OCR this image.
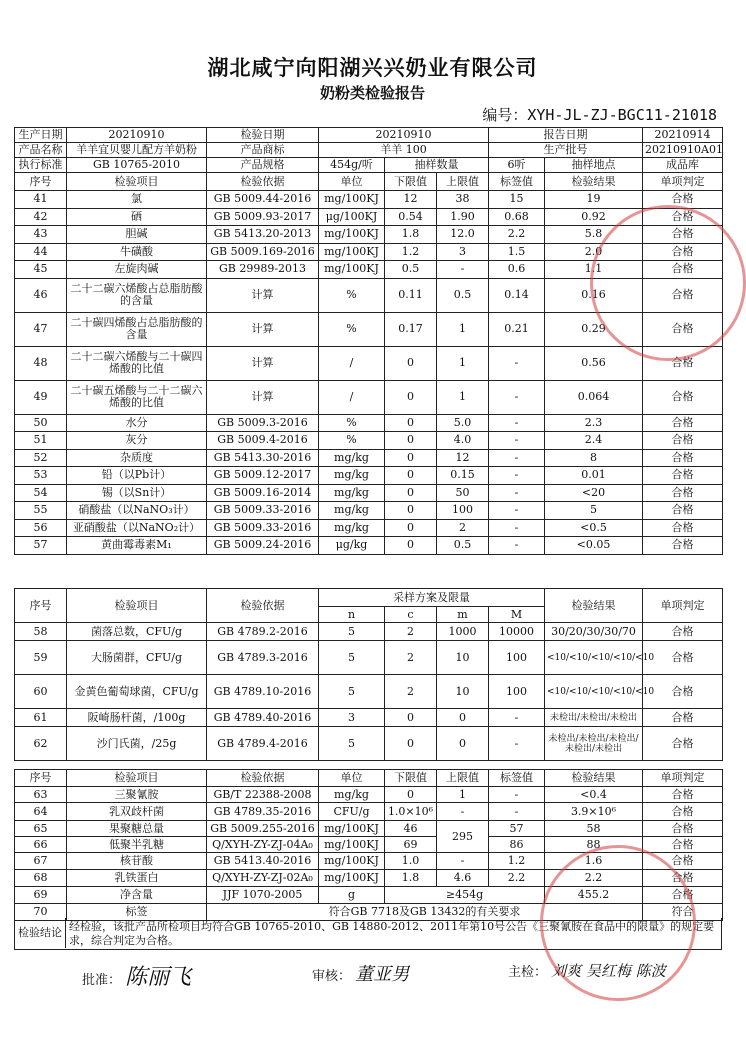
湖北咸宁向阳湖兴兴奶业有限公司
奶粉类检验报告
编号：XYH-JL-ZJ-BGC11-21018
生产日期	20210910	检验日期	20210910			报告日期		20210914
产品名称	羊羊宜贝婴儿配方羊奶粉	产品商标	羊羊 100			生产批号		20210910A01
执行标准	GB 10765-2010	产品规格	454g/听	抽样数量		6听	抽样地点	成品库
序号	检验项目	检验依据	单位	下限值	上限值	标签值	检验结果	单项判定
41	氯	GB 5009.44-2016	mg/100KJ	12	38	15	19	合格
42	硒	GB 5009.93-2017	μg/100KJ	0.54	1.90	0.68	0.92	合格
43	胆碱	GB 5413.20-2013	mg/100KJ	1.8	12.0	2.2	5.8	合格
44	牛磺酸	GB 5009.169-2016	mg/100KJ	1.2	3	1.5	2.0	合格
45	左旋肉碱	GB 29989-2013	mg/100KJ	0.5	-	0.6	1.1	合格
46	二十二碳六烯酸占总脂肪酸的含量	计算	%	0.11	0.5	0.14	0.16	合格
47	二十碳四烯酸占总脂肪酸的含量	计算	%	0.17	1	0.21	0.29	合格
48	二十二碳六烯酸与二十碳四烯酸的比值	计算	/	0	1	-	0.56	合格
49	二十碳五烯酸与二十二碳六烯酸的比值	计算	/	0	1	-	0.064	合格
50	水分	GB 5009.3-2016	%	0	5.0	-	2.3	合格
51	灰分	GB 5009.4-2016	%	0	4.0	-	2.4	合格
52	杂质度	GB 5413.30-2016	mg/kg	0	12	-	8	合格
53	铅（以Pb计）	GB 5009.12-2017	mg/kg	0	0.15	-	0.01	合格
54	锡（以Sn计）	GB 5009.16-2014	mg/kg	0	50	-	<20	合格
55	硝酸盐（以NaNO₃计）	GB 5009.33-2016	mg/kg	0	100	-	5	合格
56	亚硝酸盐（以NaNO₂计）	GB 5009.33-2016	mg/kg	0	2	-	<0.5	合格
57	黄曲霉毒素M₁	GB 5009.24-2016	μg/kg	0	0.5	-	<0.05	合格
序号	检验项目	检验依据	采样方案及限量				检验结果	单项判定
			n	c	m	M		
58	菌落总数，CFU/g	GB 4789.2-2016	5	2	1000	10000	30/20/30/30/70	合格
59	大肠菌群，CFU/g	GB 4789.3-2016	5	2	10	100	<10/<10/<10/<10/<10	合格
60	金黄色葡萄球菌，CFU/g	GB 4789.10-2016	5	2	10	100	<10/<10/<10/<10/<10	合格
61	阪崎肠杆菌，/100g	GB 4789.40-2016	3	0	0	-	未检出/未检出/未检出	合格
62	沙门氏菌，/25g	GB 4789.4-2016	5	0	0	-	未检出/未检出/未检出/未检出/未检出	合格
序号	检验项目	检验依据	单位	下限值	上限值	标签值	检验结果	单项判定
63	三聚氰胺	GB/T 22388-2008	mg/kg	0	1	-	<0.4	合格
64	乳双歧杆菌	GB 4789.35-2016	CFU/g	1.0×10⁶	-	-	3.9×10⁶	合格
65	果聚糖总量	GB 5009.255-2016	mg/100KJ	46	295	57	58	合格
66	低聚半乳糖	Q/XYH-ZY-ZJ-04A₀	mg/100KJ	69		86	88	合格
67	核苷酸	GB 5413.40-2016	mg/100KJ	1.0	-	1.2	1.6	合格
68	乳铁蛋白	Q/XYH-ZY-ZJ-02A₀	mg/100KJ	1.8	4.6	2.2	2.2	合格
69	净含量	JJF 1070-2005	g	≥454g			455.2	合格
70	标签	符合GB 7718及GB 13432的有关要求						符合
检验结论 经检验，该批产品所检项目均符合GB 10765-2010、GB 14880-2012、2011年第10号公告《三聚氰胺在食品中的限量》的规定要求，综合判定为合格。
批准： 陈丽飞	审核： 董亚男	主检： 刘爽 吴红梅 陈波
